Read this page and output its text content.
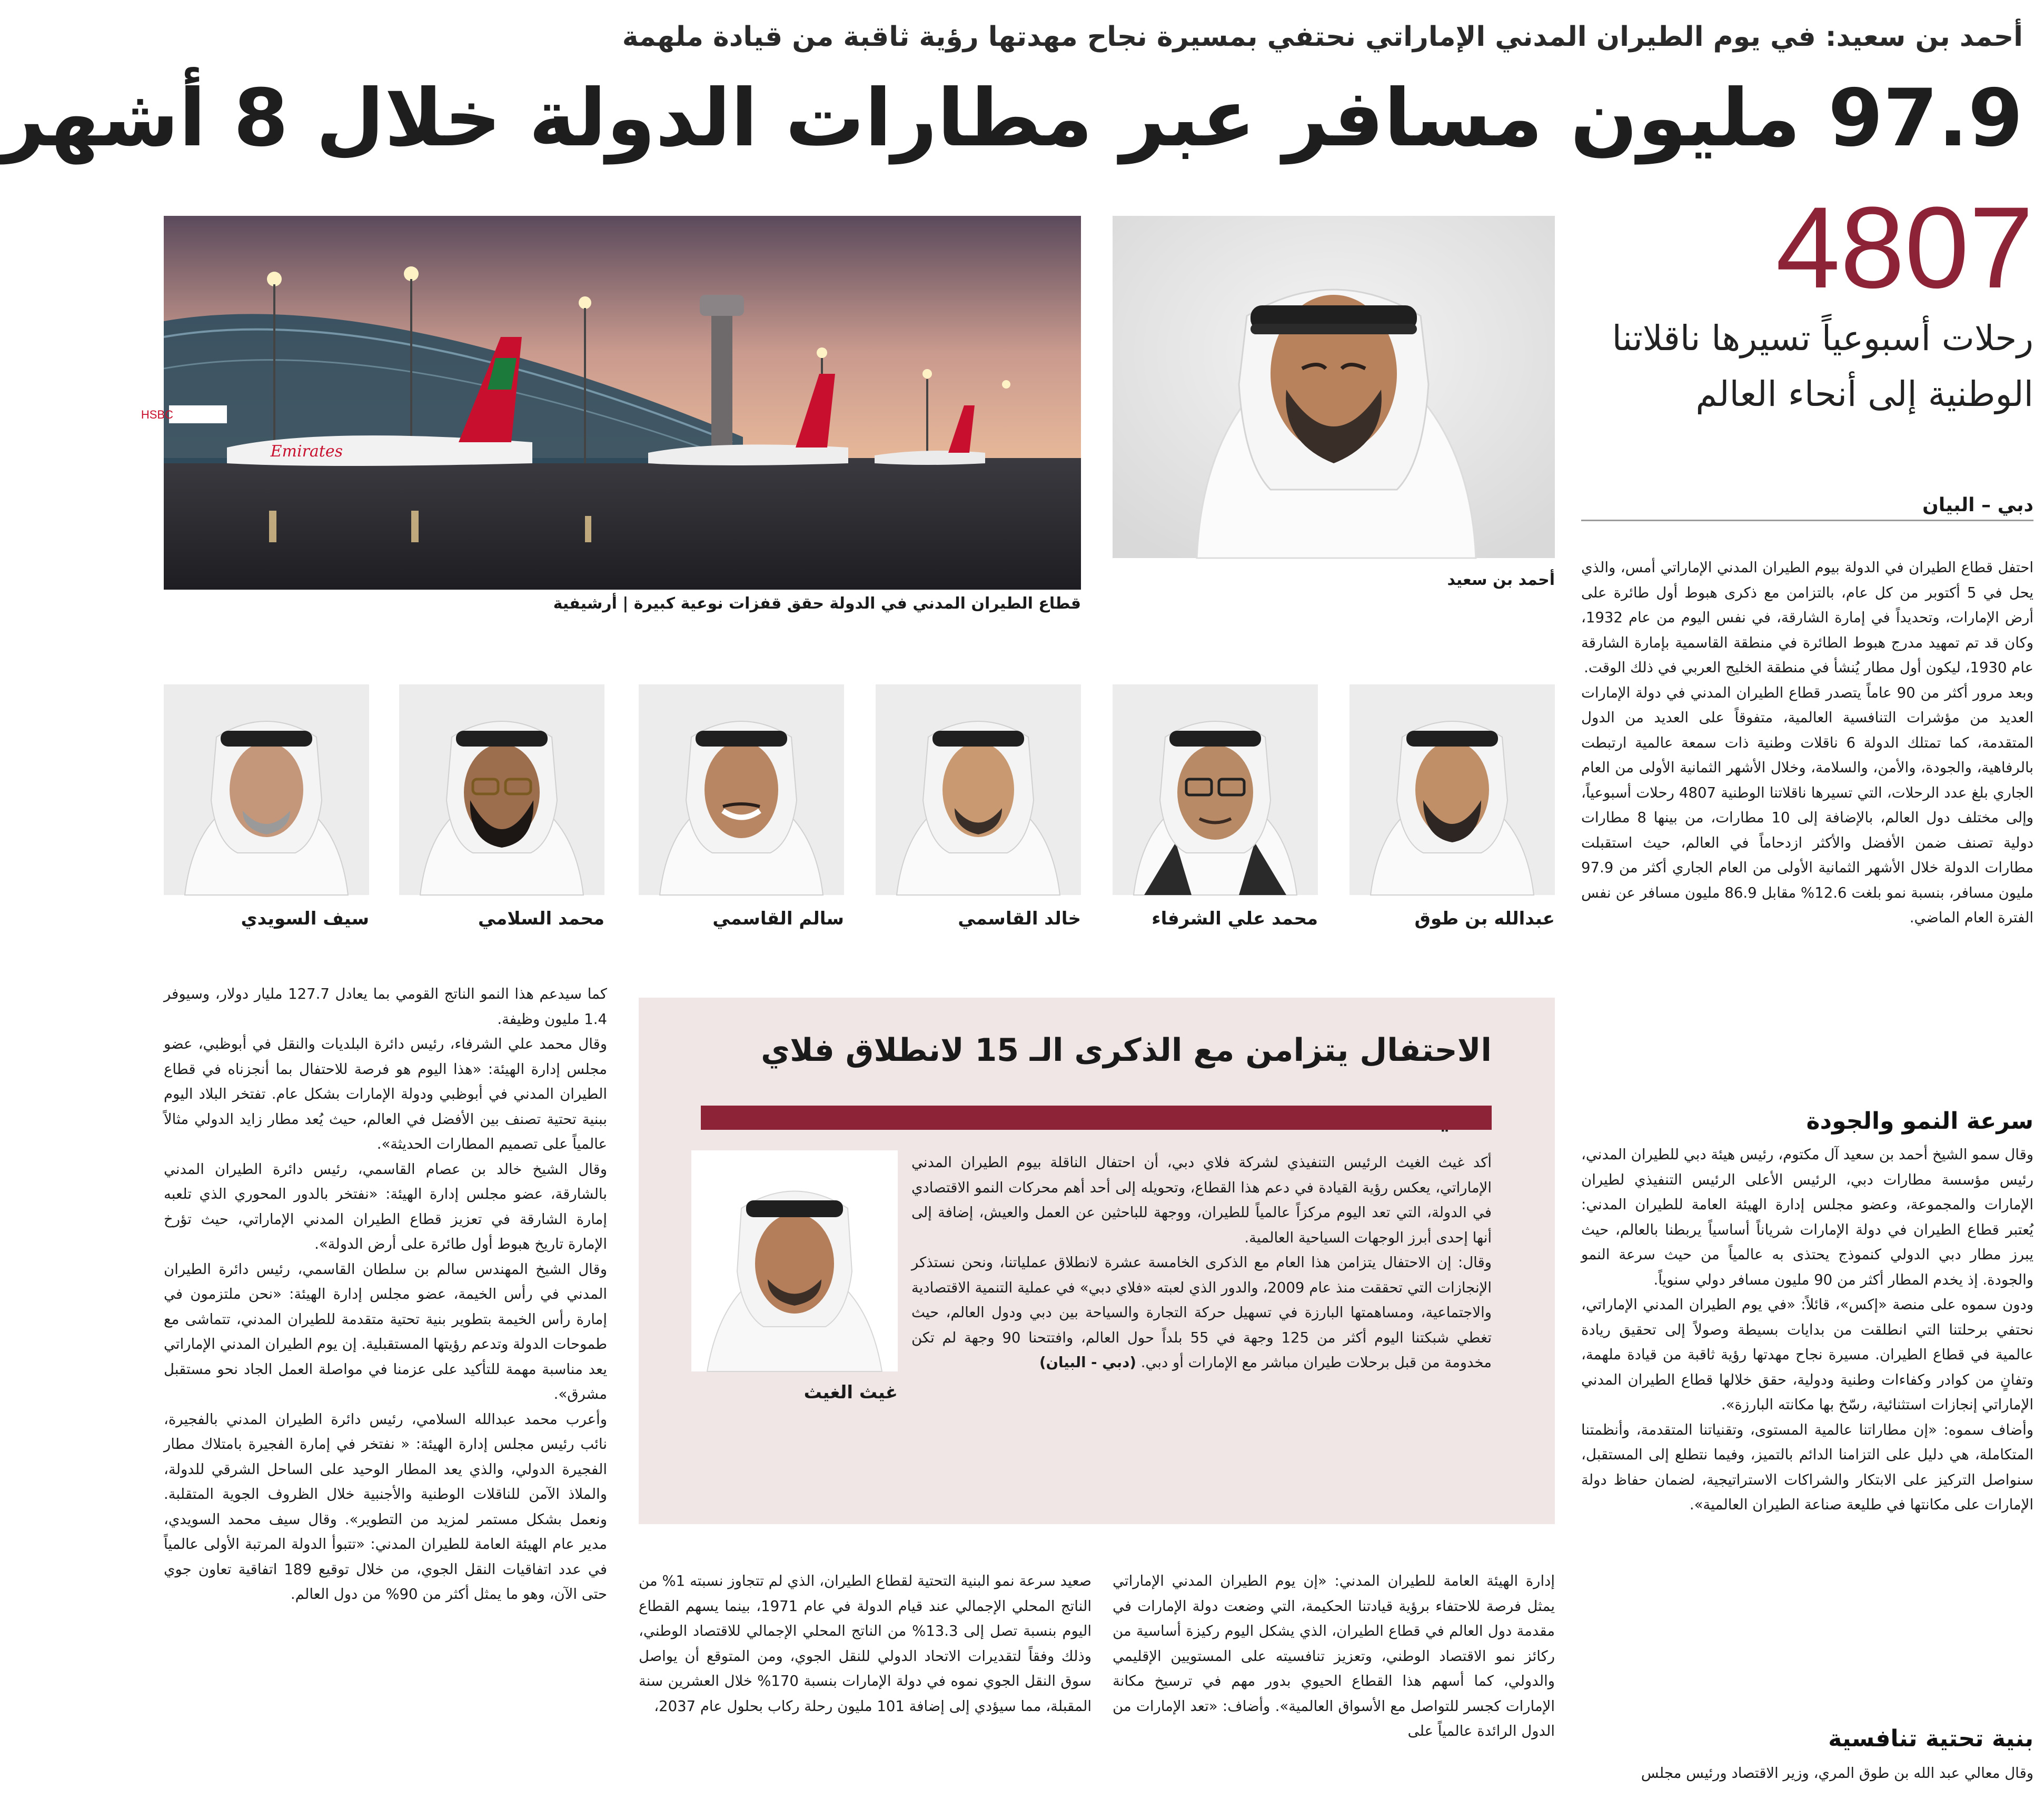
أحمد بن سعيد: في يوم الطيران المدني الإماراتي نحتفي بمسيرة نجاح مهدتها رؤية ثاقبة من قيادة ملهمة
97.9 مليون مسافر عبر مطارات الدولة خلال 8 أشهر
4807
رحلات أسبوعياً تسيرها ناقلاتنا الوطنية إلى أنحاء العالم
دبي – البيان
أحمد بن سعيد
Emirates
HSBC
قطاع الطيران المدني في الدولة حقق قفزات نوعية كبيرة | أرشيفية
عبدالله بن طوق
محمد علي الشرفاء
خالد القاسمي
سالم القاسمي
محمد السلامي
سيف السويدي

احتفل قطاع الطيران في الدولة بيوم الطيران المدني الإماراتي أمس، والذي يحل في 5 أكتوبر من كل عام، بالتزامن مع ذكرى هبوط أول طائرة على أرض الإمارات، وتحديداً في إمارة الشارقة، في نفس اليوم من عام 1932، وكان قد تم تمهيد مدرج هبوط الطائرة في منطقة القاسمية بإمارة الشارقة عام 1930، ليكون أول مطار يُنشأ في منطقة الخليج العربي في ذلك الوقت.

وبعد مرور أكثر من 90 عاماً يتصدر قطاع الطيران المدني في دولة الإمارات العديد من مؤشرات التنافسية العالمية، متفوقاً على العديد من الدول المتقدمة، كما تمتلك الدولة 6 ناقلات وطنية ذات سمعة عالمية ارتبطت بالرفاهية، والجودة، والأمن، والسلامة، وخلال الأشهر الثمانية الأولى من العام الجاري بلغ عدد الرحلات، التي تسيرها ناقلاتنا الوطنية 4807 رحلات أسبوعياً، وإلى مختلف دول العالم، بالإضافة إلى 10 مطارات، من بينها 8 مطارات دولية تصنف ضمن الأفضل والأكثر ازدحاماً في العالم، حيث استقبلت مطارات الدولة خلال الأشهر الثمانية الأولى من العام الجاري أكثر من 97.9 مليون مسافر، بنسبة نمو بلغت 12.6% مقابل 86.9 مليون مسافر عن نفس الفترة العام الماضي.

سرعة النمو والجودة

وقال سمو الشيخ أحمد بن سعيد آل مكتوم، رئيس هيئة دبي للطيران المدني، رئيس مؤسسة مطارات دبي، الرئيس الأعلى الرئيس التنفيذي لطيران الإمارات والمجموعة، وعضو مجلس إدارة الهيئة العامة للطيران المدني: يُعتبر قطاع الطيران في دولة الإمارات شرياناً أساسياً يربطنا بالعالم، حيث يبرز مطار دبي الدولي كنموذج يحتذى به عالمياً من حيث سرعة النمو والجودة. إذ يخدم المطار أكثر من 90 مليون مسافر دولي سنوياً.

ودون سموه على منصة «إكس»، قائلاً: «في يوم الطيران المدني الإماراتي، نحتفي برحلتنا التي انطلقت من بدايات بسيطة وصولاً إلى تحقيق ريادة عالمية في قطاع الطيران. مسيرة نجاح مهدتها رؤية ثاقبة من قيادة ملهمة، وتفانٍ من كوادر وكفاءات وطنية ودولية، حقق خلالها قطاع الطيران المدني الإماراتي إنجازات استثنائية، رسّخ بها مكانته البارزة».

وأضاف سموه: «إن مطاراتنا عالمية المستوى، وتقنياتنا المتقدمة، وأنظمتنا المتكاملة، هي دليل على التزامنا الدائم بالتميز، وفيما نتطلع إلى المستقبل، سنواصل التركيز على الابتكار والشراكات الاستراتيجية، لضمان حفاظ دولة الإمارات على مكانتها في طليعة صناعة الطيران العالمية».

بنية تحتية تنافسية

وقال معالي عبد الله بن طوق المري، وزير الاقتصاد ورئيس مجلس

إدارة الهيئة العامة للطيران المدني: «إن يوم الطيران المدني الإماراتي يمثل فرصة للاحتفاء برؤية قيادتنا الحكيمة، التي وضعت دولة الإمارات في مقدمة دول العالم في قطاع الطيران، الذي يشكل اليوم ركيزة أساسية من ركائز نمو الاقتصاد الوطني، وتعزيز تنافسيته على المستويين الإقليمي والدولي، كما أسهم هذا القطاع الحيوي بدور مهم في ترسيخ مكانة الإمارات كجسر للتواصل مع الأسواق العالمية». وأضاف: «تعد الإمارات من الدول الرائدة عالمياً على

صعيد سرعة نمو البنية التحتية لقطاع الطيران، الذي لم تتجاوز نسبته 1% من الناتج المحلي الإجمالي عند قيام الدولة في عام 1971، بينما يسهم القطاع اليوم بنسبة تصل إلى 13.3% من الناتج المحلي الإجمالي للاقتصاد الوطني، وذلك وفقاً لتقديرات الاتحاد الدولي للنقل الجوي، ومن المتوقع أن يواصل سوق النقل الجوي نموه في دولة الإمارات بنسبة 170% خلال العشرين سنة المقبلة، مما سيؤدي إلى إضافة 101 مليون رحلة ركاب بحلول عام 2037،

كما سيدعم هذا النمو الناتج القومي بما يعادل 127.7 مليار دولار، وسيوفر 1.4 مليون وظيفة.

وقال محمد علي الشرفاء، رئيس دائرة البلديات والنقل في أبوظبي، عضو مجلس إدارة الهيئة: «هذا اليوم هو فرصة للاحتفال بما أنجزناه في قطاع الطيران المدني في أبوظبي ودولة الإمارات بشكل عام. تفتخر البلاد اليوم ببنية تحتية تصنف بين الأفضل في العالم، حيث يُعد مطار زايد الدولي مثالاً عالمياً على تصميم المطارات الحديثة».

وقال الشيخ خالد بن عصام القاسمي، رئيس دائرة الطيران المدني بالشارقة، عضو مجلس إدارة الهيئة: «نفتخر بالدور المحوري الذي تلعبه إمارة الشارقة في تعزيز قطاع الطيران المدني الإماراتي، حيث تؤرخ الإمارة تاريخ هبوط أول طائرة على أرض الدولة».

وقال الشيخ المهندس سالم بن سلطان القاسمي، رئيس دائرة الطيران المدني في رأس الخيمة، عضو مجلس إدارة الهيئة: «نحن ملتزمون في إمارة رأس الخيمة بتطوير بنية تحتية متقدمة للطيران المدني، تتماشى مع طموحات الدولة وتدعم رؤيتها المستقبلية. إن يوم الطيران المدني الإماراتي يعد مناسبة مهمة للتأكيد على عزمنا في مواصلة العمل الجاد نحو مستقبل مشرق».

وأعرب محمد عبدالله السلامي، رئيس دائرة الطيران المدني بالفجيرة، نائب رئيس مجلس إدارة الهيئة: « نفتخر في إمارة الفجيرة بامتلاك مطار الفجيرة الدولي، والذي يعد المطار الوحيد على الساحل الشرقي للدولة، والملاذ الآمن للناقلات الوطنية والأجنبية خلال الظروف الجوية المتقلبة. ونعمل بشكل مستمر لمزيد من التطوير». وقال سيف محمد السويدي، مدير عام الهيئة العامة للطيران المدني: «تتبوأ الدولة المرتبة الأولى عالمياً في عدد اتفاقيات النقل الجوي، من خلال توقيع 189 اتفاقية تعاون جوي حتى الآن، وهو ما يمثل أكثر من 90% من دول العالم.

الاحتفال يتزامن مع الذكرى الـ 15 لانطلاق فلاي
غيث الغيث

أكد غيث الغيث الرئيس التنفيذي لشركة فلاي دبي، أن احتفال الناقلة بيوم الطيران المدني الإماراتي، يعكس رؤية القيادة في دعم هذا القطاع، وتحويله إلى أحد أهم محركات النمو الاقتصادي في الدولة، التي تعد اليوم مركزاً عالمياً للطيران، ووجهة للباحثين عن العمل والعيش، إضافة إلى أنها إحدى أبرز الوجهات السياحية العالمية.

وقال: إن الاحتفال يتزامن هذا العام مع الذكرى الخامسة عشرة لانطلاق عملياتنا، ونحن نستذكر الإنجازات التي تحققت منذ عام 2009، والدور الذي لعبته «فلاي دبي» في عملية التنمية الاقتصادية والاجتماعية، ومساهمتها البارزة في تسهيل حركة التجارة والسياحة بين دبي ودول العالم، حيث تغطي شبكتنا اليوم أكثر من 125 وجهة في 55 بلداً حول العالم، وافتتحنا 90 وجهة لم تكن مخدومة من قبل برحلات طيران مباشر مع الإمارات أو دبي. (دبي - البيان)
